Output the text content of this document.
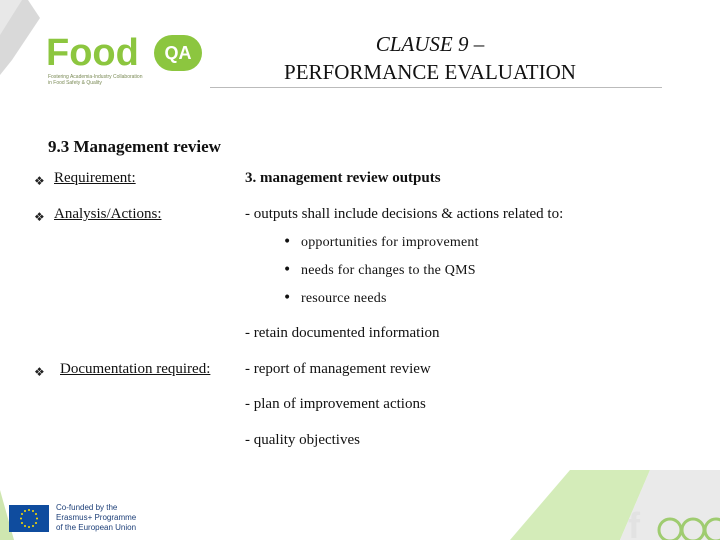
f
Food	QA
Fostering Academia-Industry Collaboration
in Food Safety & Quality
CLAUSE 9 –
PERFORMANCE EVALUATION
9.3 Management review
❖ Requirement:	3. management review outputs
❖ Analysis/Actions:	- outputs shall include decisions & actions related to:
• opportunities for improvement
• needs for changes to the QMS
• resource needs
- retain documented information
❖ Documentation required: - report of management review
- plan of improvement actions
- quality objectives
Co-funded by the
Erasmus+ Programme
of the European Union
